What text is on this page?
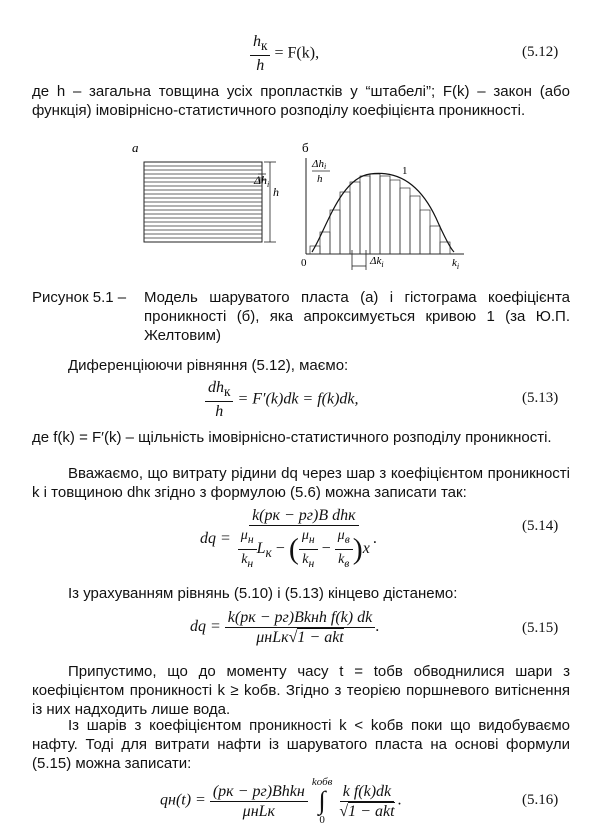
$\frac{h_к}{h} = F(k)$,	(5.12)

де h – загальна товщина усіх пропластків у “штабелі”; F(k) – закон (або функція) імовірнісно-статистичного розподілу коефіцієнта проникності.

а
$\Delta h_i$
h
б
Δhi
h
1
0	$\Delta k_i$	$k_i$
Рисунок 5.1 – Модель шаруватого пласта (а) і гістограма коефіцієнта проникності (б), яка апроксимується кривою 1 (за Ю.П. Желтовим)

Диференціюючи рівняння (5.12), маємо:

$\frac{dh_к}{h} = F'(k)dk = f(k)dk$,	(5.13)

де f(k) = F′(k) – щільність імовірнісно-статистичного розподілу проникності.

Вважаємо, що витрату рідини dq через шар з коефіцієнтом проникності k і товщиною dhк згідно з формулою (5.6) можна записати так:

dq = $\frac{\text{k(pк − pг)B dhк}}{\frac{\mu_н}{k_н} L_к - ( \frac{\mu_н}{k_н} - \frac{\mu_в}{k_в} )x}$ .
(5.14)

Із урахуванням рівнянь (5.10) і (5.13) кінцево дістанемо:

dq = $\frac{\text{k(pк − pг)Bkнh f(k) dk}}{\text{μнLк√1 − akt}}$ .	(5.15)

Припустимо, що до моменту часу t = tобв обводнилися шари з коефіцієнтом проникності k ≥ kобв. Згідно з теорією поршневого витіснення із них надходить лише вода.

Із шарів з коефіцієнтом проникності k < kобв поки що видобуваємо нафту. Тоді для витрати нафти із шаруватого пласта на основі формули (5.15) можна записати:

$qн(t) = \frac{\text{(pк − pг)Bhkн}}{\text{μнLк}}$
kобв
∫
0
$\frac{\text{k f(k)dk}}{\text{√1 − akt}}$ .	(5.16)
